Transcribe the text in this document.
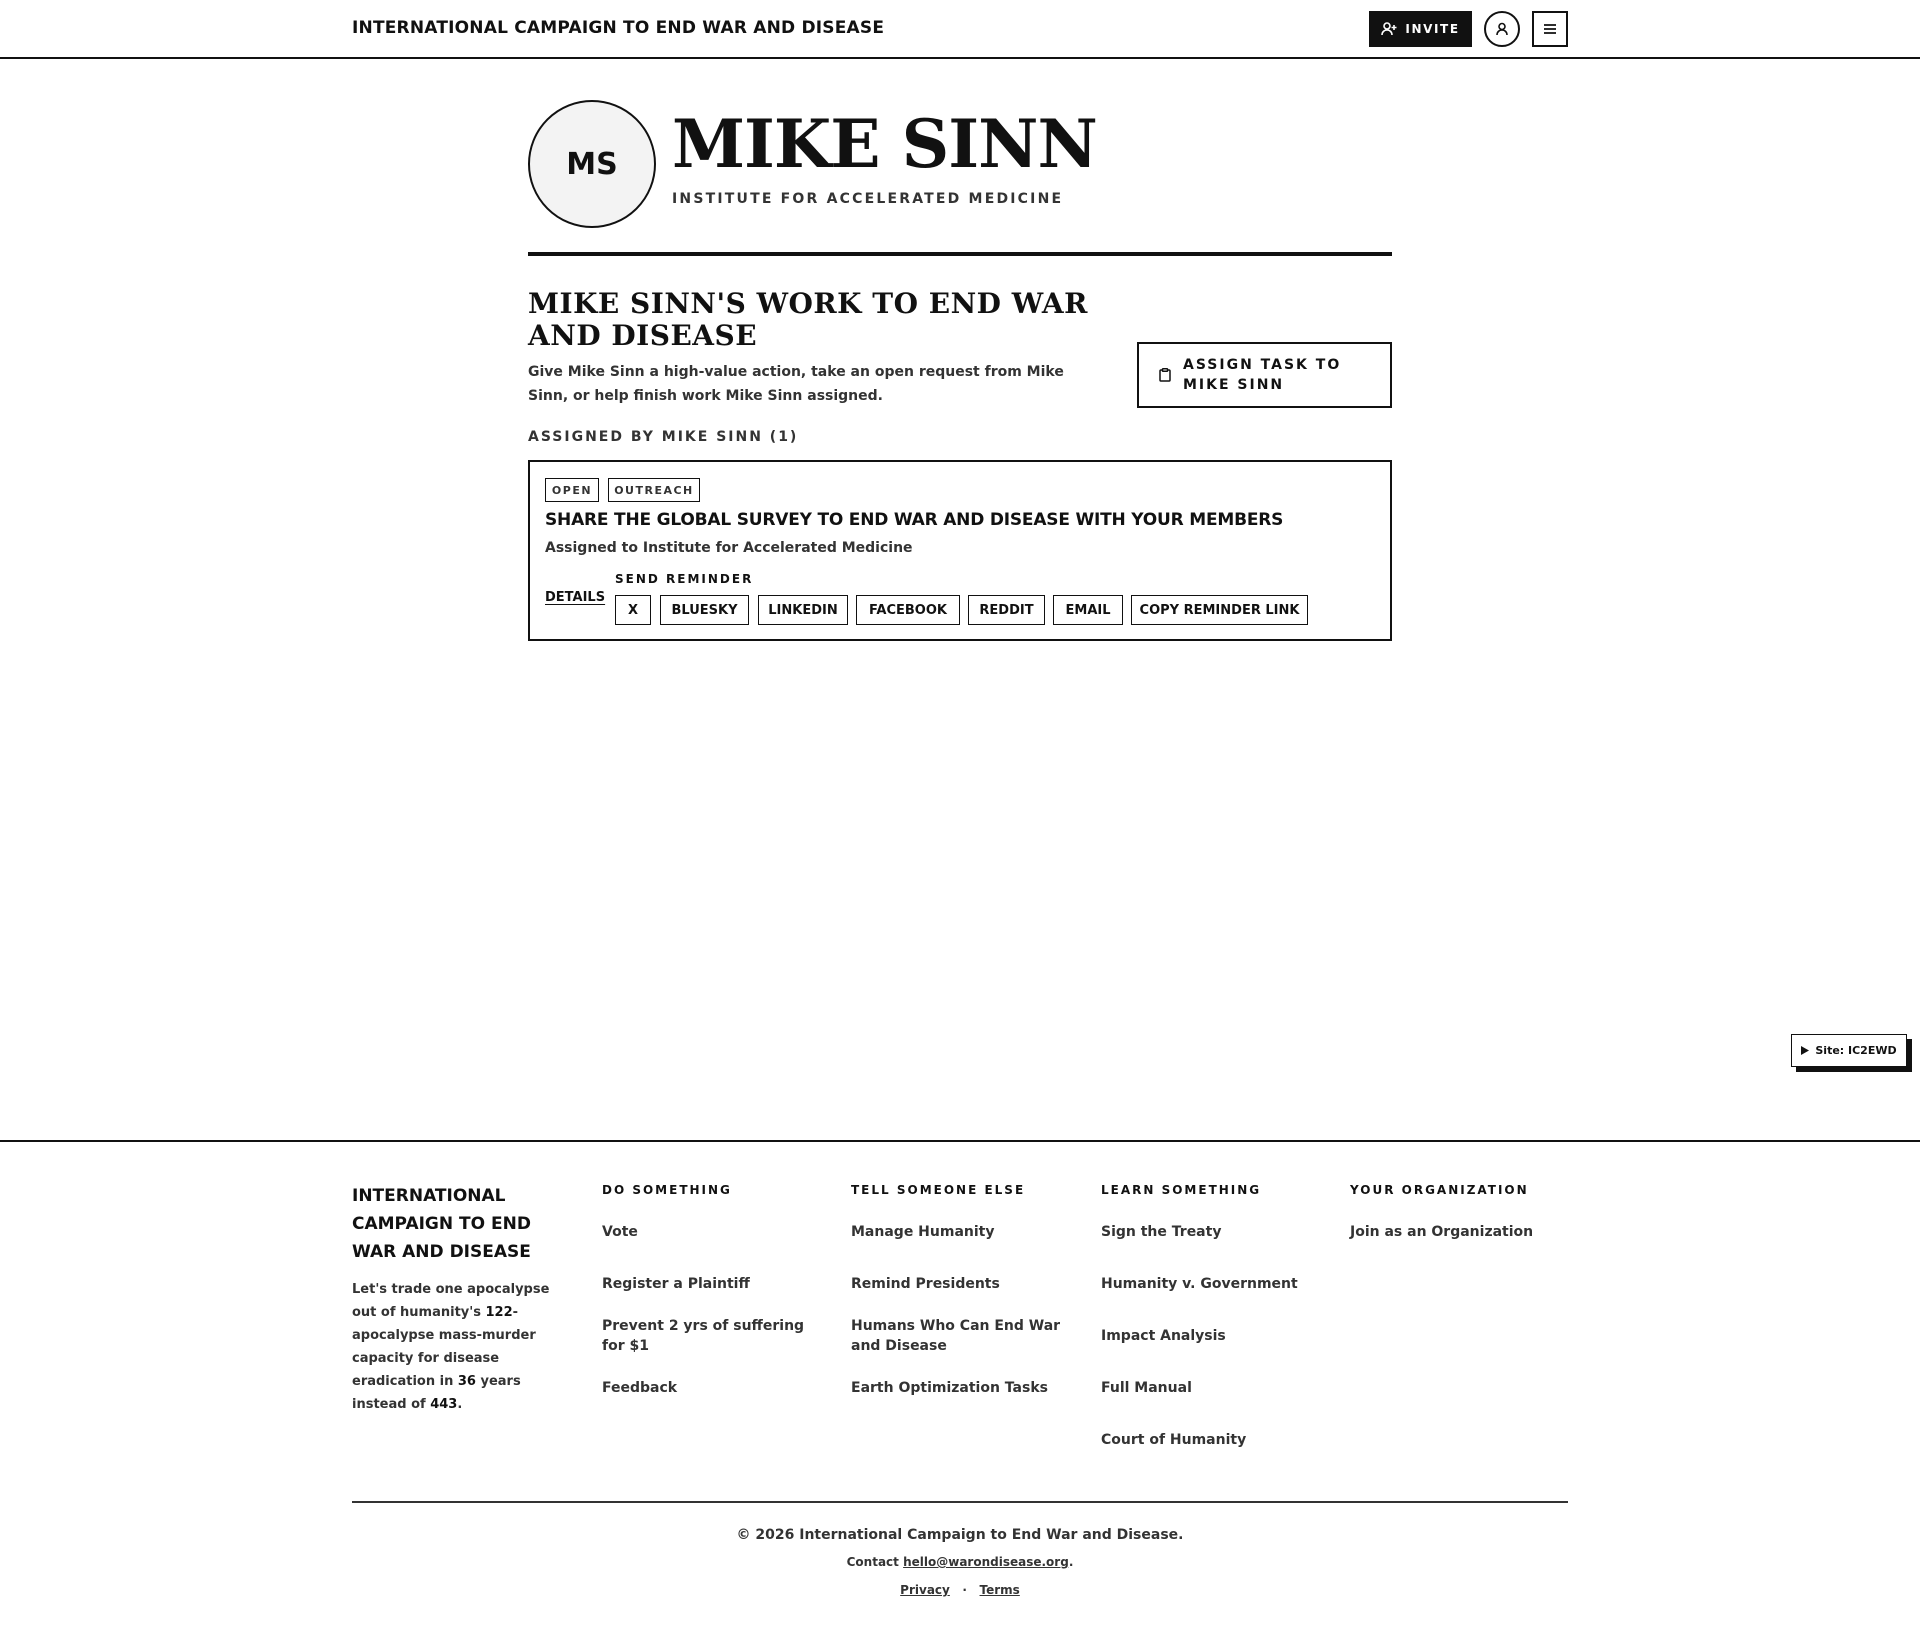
INTERNATIONAL CAMPAIGN TO END WAR AND DISEASE	INVITE
MS MIKE SINN
INSTITUTE FOR ACCELERATED MEDICINE
MIKE SINN'S WORK TO END WAR AND DISEASE
Give Mike Sinn a high-value action, take an open request from Mike Sinn, or help finish work Mike Sinn assigned.
ASSIGN TASK TO MIKE SINN
ASSIGNED BY MIKE SINN (1)
OPEN	OUTREACH
SHARE THE GLOBAL SURVEY TO END WAR AND DISEASE WITH YOUR MEMBERS
Assigned to Institute for Accelerated Medicine
DETAILS
SEND REMINDER
X	BLUESKY	LINKEDIN	FACEBOOK	REDDIT	EMAIL	COPY REMINDER LINK
Site: IC2EWD
INTERNATIONAL CAMPAIGN TO END WAR AND DISEASE
Let's trade one apocalypse out of humanity's 122-apocalypse mass-murder capacity for disease eradication in 36 years instead of 443.
DO SOMETHING
Vote
Register a Plaintiff
Prevent 2 yrs of suffering for $1
Feedback
TELL SOMEONE ELSE
Manage Humanity
Remind Presidents
Humans Who Can End War and Disease
Earth Optimization Tasks
LEARN SOMETHING
Sign the Treaty
Humanity v. Government
Impact Analysis
Full Manual
Court of Humanity
YOUR ORGANIZATION
Join as an Organization
© 2026 International Campaign to End War and Disease.
Contact hello@warondisease.org.
Privacy · Terms
